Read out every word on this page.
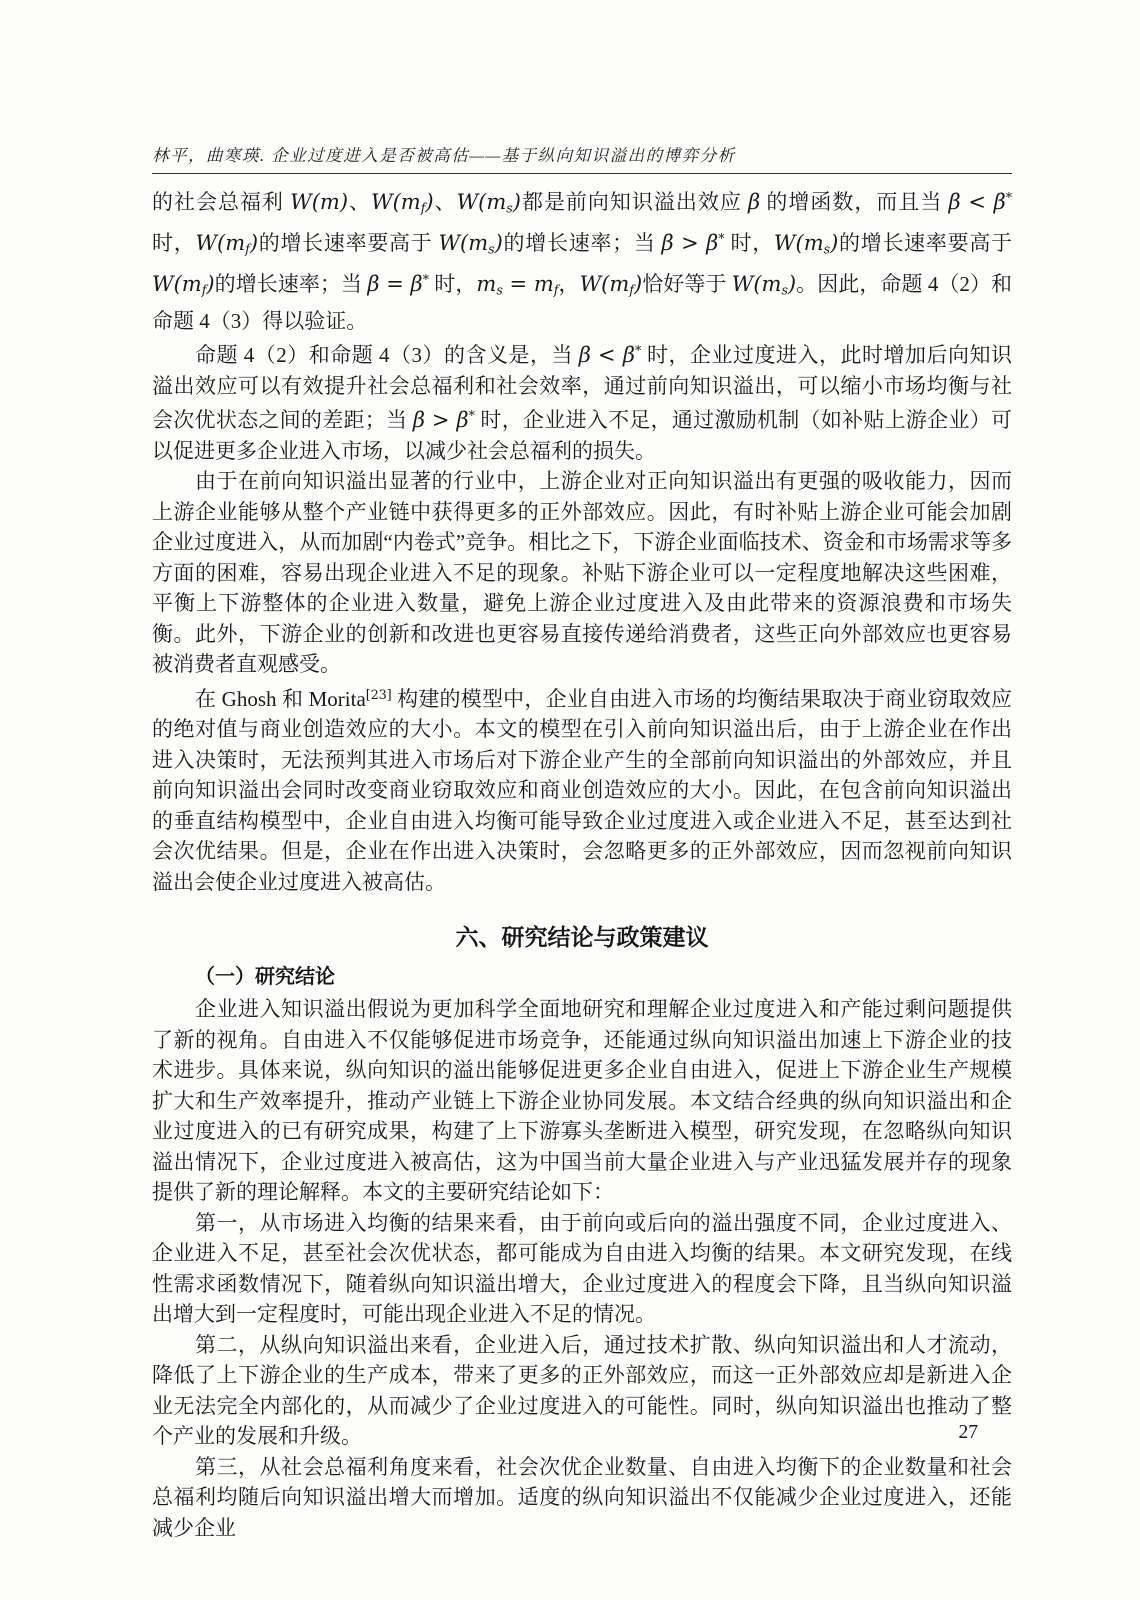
林平，曲寒瑛. 企业过度进入是否被高估——基于纵向知识溢出的博弈分析

的社会总福利 W(m)、W(mf)、W(ms)都是前向知识溢出效应 β 的增函数，而且当 β < β* 时，W(mf)的增长速率要高于 W(ms)的增长速率；当 β > β* 时，W(ms)的增长速率要高于 W(mf)的增长速率；当 β = β* 时，ms = mf，W(mf)恰好等于 W(ms)。因此，命题 4（2）和命题 4（3）得以验证。

命题 4（2）和命题 4（3）的含义是，当 β < β* 时，企业过度进入，此时增加后向知识溢出效应可以有效提升社会总福利和社会效率，通过前向知识溢出，可以缩小市场均衡与社会次优状态之间的差距；当 β > β* 时，企业进入不足，通过激励机制（如补贴上游企业）可以促进更多企业进入市场，以减少社会总福利的损失。

由于在前向知识溢出显著的行业中，上游企业对正向知识溢出有更强的吸收能力，因而上游企业能够从整个产业链中获得更多的正外部效应。因此，有时补贴上游企业可能会加剧企业过度进入，从而加剧“内卷式”竞争。相比之下，下游企业面临技术、资金和市场需求等多方面的困难，容易出现企业进入不足的现象。补贴下游企业可以一定程度地解决这些困难，平衡上下游整体的企业进入数量，避免上游企业过度进入及由此带来的资源浪费和市场失衡。此外，下游企业的创新和改进也更容易直接传递给消费者，这些正向外部效应也更容易被消费者直观感受。

在 Ghosh 和 Morita[23] 构建的模型中，企业自由进入市场的均衡结果取决于商业窃取效应的绝对值与商业创造效应的大小。本文的模型在引入前向知识溢出后，由于上游企业在作出进入决策时，无法预判其进入市场后对下游企业产生的全部前向知识溢出的外部效应，并且前向知识溢出会同时改变商业窃取效应和商业创造效应的大小。因此，在包含前向知识溢出的垂直结构模型中，企业自由进入均衡可能导致企业过度进入或企业进入不足，甚至达到社会次优结果。但是，企业在作出进入决策时，会忽略更多的正外部效应，因而忽视前向知识溢出会使企业过度进入被高估。

六、研究结论与政策建议
（一）研究结论

企业进入知识溢出假说为更加科学全面地研究和理解企业过度进入和产能过剩问题提供了新的视角。自由进入不仅能够促进市场竞争，还能通过纵向知识溢出加速上下游企业的技术进步。具体来说，纵向知识的溢出能够促进更多企业自由进入，促进上下游企业生产规模扩大和生产效率提升，推动产业链上下游企业协同发展。本文结合经典的纵向知识溢出和企业过度进入的已有研究成果，构建了上下游寡头垄断进入模型，研究发现，在忽略纵向知识溢出情况下，企业过度进入被高估，这为中国当前大量企业进入与产业迅猛发展并存的现象提供了新的理论解释。本文的主要研究结论如下：

第一，从市场进入均衡的结果来看，由于前向或后向的溢出强度不同，企业过度进入、企业进入不足，甚至社会次优状态，都可能成为自由进入均衡的结果。本文研究发现，在线性需求函数情况下，随着纵向知识溢出增大，企业过度进入的程度会下降，且当纵向知识溢出增大到一定程度时，可能出现企业进入不足的情况。

第二，从纵向知识溢出来看，企业进入后，通过技术扩散、纵向知识溢出和人才流动，降低了上下游企业的生产成本，带来了更多的正外部效应，而这一正外部效应却是新进入企业无法完全内部化的，从而减少了企业过度进入的可能性。同时，纵向知识溢出也推动了整个产业的发展和升级。

第三，从社会总福利角度来看，社会次优企业数量、自由进入均衡下的企业数量和社会总福利均随后向知识溢出增大而增加。适度的纵向知识溢出不仅能减少企业过度进入，还能减少企业

27
